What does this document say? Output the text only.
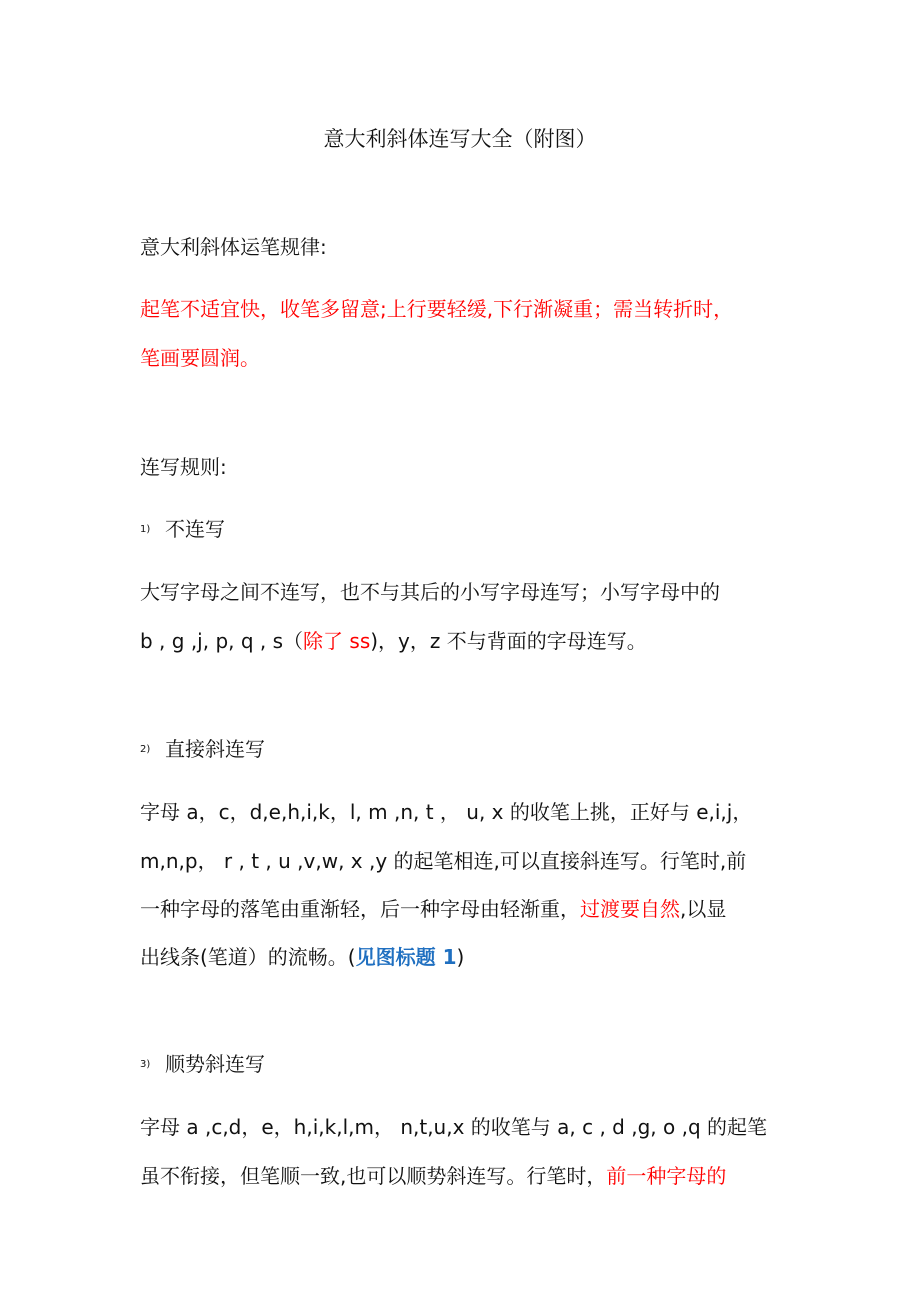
意大利斜体连写大全（附图）
意大利斜体运笔规律:
起笔不适宜快，收笔多留意;上行要轻缓,下行渐凝重；需当转折时，
笔画要圆润。
连写规则:
1) 不连写
大写字母之间不连写，也不与其后的小写字母连写；小写字母中的
b , g ,j, p, q , s（除了 ss)，y，z 不与背面的字母连写。
2) 直接斜连写
字母 a，c，d,e,h,i,k，l, m ,n, t ， u, x 的收笔上挑，正好与 e,i,j，
m,n,p， r , t , u ,v,w, x ,y 的起笔相连,可以直接斜连写。行笔时,前
一种字母的落笔由重渐轻，后一种字母由轻渐重，过渡要自然,以显
出线条(笔道）的流畅。(见图标题 1)
3) 顺势斜连写
字母 a ,c,d，e，h,i,k,l,m， n,t,u,x 的收笔与 a, c , d ,g, o ,q 的起笔
虽不衔接，但笔顺一致,也可以顺势斜连写。行笔时，前一种字母的
